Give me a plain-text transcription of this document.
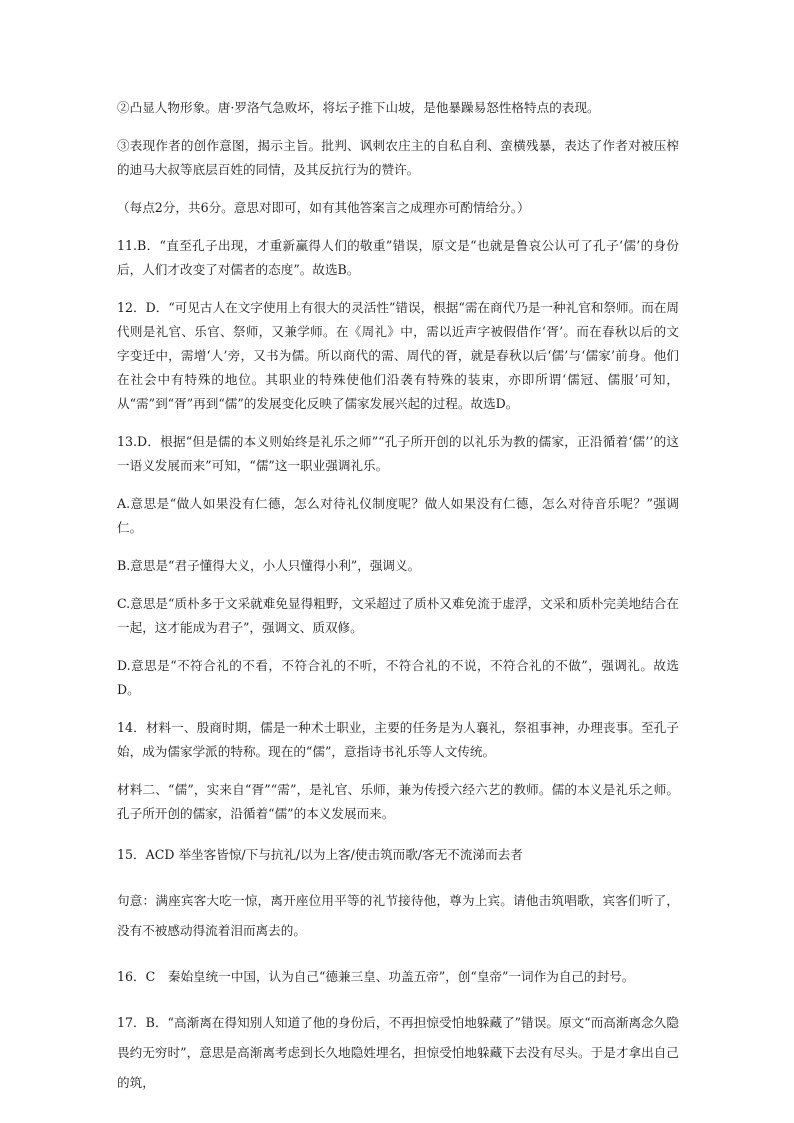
②凸显人物形象。唐·罗洛气急败坏，将坛子推下山坡，是他暴躁易怒性格特点的表现。

③表现作者的创作意图，揭示主旨。批判、讽刺农庄主的自私自利、蛮横残暴，表达了作者对被压榨的迪马大叔等底层百姓的同情，及其反抗行为的赞许。

（每点2分，共6分。意思对即可，如有其他答案言之成理亦可酌情给分。）

11.B．“直至孔子出现，才重新赢得人们的敬重”错误，原文是“也就是鲁哀公认可了孔子‘儒’的身份后，人们才改变了对儒者的态度”。故选B。

12．D．“可见古人在文字使用上有很大的灵活性”错误，根据“需在商代乃是一种礼官和祭师。而在周代则是礼官、乐官、祭师，又兼学师。在《周礼》中，需以近声字被假借作‘胥’。而在春秋以后的文字变迁中，需增‘人’旁，又书为儒。所以商代的需、周代的胥，就是春秋以后‘儒’与‘儒家’前身。他们在社会中有特殊的地位。其职业的特殊使他们沿袭有特殊的装束，亦即所谓‘儒冠、儒服’可知，从“需”到“胥”再到“儒”的发展变化反映了儒家发展兴起的过程。故选D。

13.D．根据“但是儒的本义则始终是礼乐之师”“孔子所开创的以礼乐为教的儒家，正沿循着‘儒’’的这一语义发展而来”可知，“儒”这一职业强调礼乐。

A.意思是“做人如果没有仁德，怎么对待礼仪制度呢？做人如果没有仁德，怎么对待音乐呢？”强调仁。

B.意思是“君子懂得大义，小人只懂得小利”，强调义。

C.意思是“质朴多于文采就难免显得粗野，文采超过了质朴又难免流于虚浮，文采和质朴完美地结合在一起，这才能成为君子”，强调文、质双修。

D.意思是“不符合礼的不看，不符合礼的不听，不符合礼的不说，不符合礼的不做”，强调礼。故选D。

14．材料一、殷商时期，儒是一种术士职业，主要的任务是为人襄礼，祭祖事神，办理丧事。至孔子始，成为儒家学派的特称。现在的“儒”，意指诗书礼乐等人文传统。

材料二、“儒”，实来自“胥”“需”，是礼官、乐师，兼为传授六经六艺的教师。儒的本义是礼乐之师。孔子所开创的儒家，沿循着“儒”的本义发展而来。

15．ACD 举坐客皆惊/下与抗礼/以为上客/使击筑而歌/客无不流涕而去者

句意：满座宾客大吃一惊，离开座位用平等的礼节接待他，尊为上宾。请他击筑唱歌，宾客们听了，没有不被感动得流着泪而离去的。

16．C　秦始皇统一中国，认为自己“德兼三皇、功盖五帝”，创“皇帝”一词作为自己的封号。

17．B．“高渐离在得知别人知道了他的身份后，不再担惊受怕地躲藏了”错误。原文“而高渐离念久隐畏约无穷时”，意思是高渐离考虑到长久地隐姓埋名，担惊受怕地躲藏下去没有尽头。于是才拿出自己的筑，
